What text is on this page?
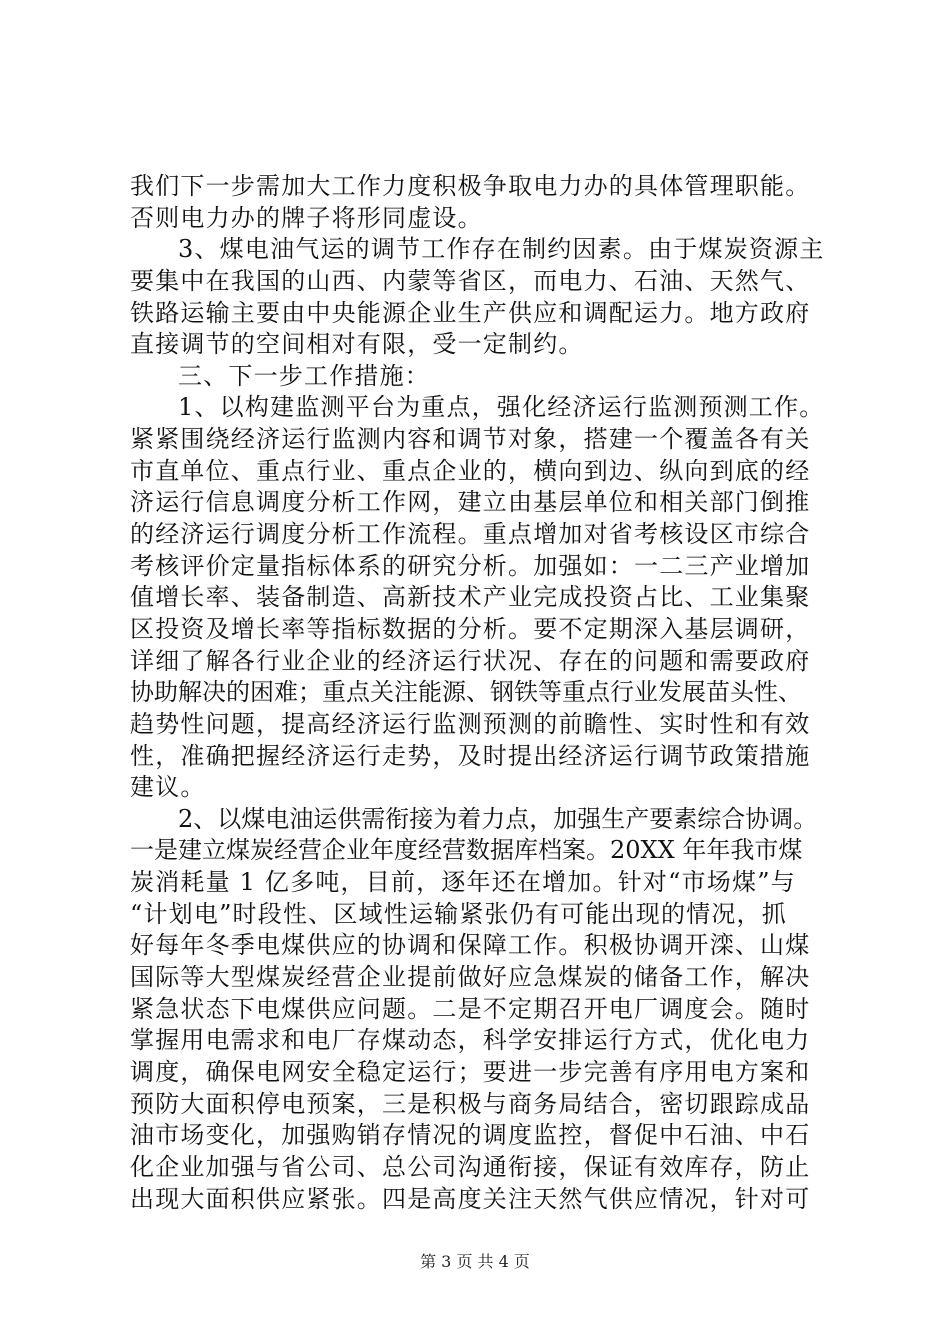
我们下一步需加大工作力度积极争取电力办的具体管理职能。
否则电力办的牌子将形同虚设。
3、煤电油气运的调节工作存在制约因素。由于煤炭资源主
要集中在我国的山西、内蒙等省区，而电力、石油、天然气、
铁路运输主要由中央能源企业生产供应和调配运力。地方政府
直接调节的空间相对有限，受一定制约。
三、下一步工作措施：
1、以构建监测平台为重点，强化经济运行监测预测工作。
紧紧围绕经济运行监测内容和调节对象，搭建一个覆盖各有关
市直单位、重点行业、重点企业的，横向到边、纵向到底的经
济运行信息调度分析工作网，建立由基层单位和相关部门倒推
的经济运行调度分析工作流程。重点增加对省考核设区市综合
考核评价定量指标体系的研究分析。加强如：一二三产业增加
值增长率、装备制造、高新技术产业完成投资占比、工业集聚
区投资及增长率等指标数据的分析。要不定期深入基层调研，
详细了解各行业企业的经济运行状况、存在的问题和需要政府
协助解决的困难；重点关注能源、钢铁等重点行业发展苗头性、
趋势性问题，提高经济运行监测预测的前瞻性、实时性和有效
性，准确把握经济运行走势，及时提出经济运行调节政策措施
建议。
2、以煤电油运供需衔接为着力点，加强生产要素综合协调。
一是建立煤炭经营企业年度经营数据库档案。20XX 年年我市煤
炭消耗量 1 亿多吨，目前，逐年还在增加。针对“市场煤”与
“计划电”时段性、区域性运输紧张仍有可能出现的情况，抓
好每年冬季电煤供应的协调和保障工作。积极协调开滦、山煤
国际等大型煤炭经营企业提前做好应急煤炭的储备工作，解决
紧急状态下电煤供应问题。二是不定期召开电厂调度会。随时
掌握用电需求和电厂存煤动态，科学安排运行方式，优化电力
调度，确保电网安全稳定运行；要进一步完善有序用电方案和
预防大面积停电预案，三是积极与商务局结合，密切跟踪成品
油市场变化，加强购销存情况的调度监控，督促中石油、中石
化企业加强与省公司、总公司沟通衔接，保证有效库存，防止
出现大面积供应紧张。四是高度关注天然气供应情况，针对可
第 3 页 共 4 页
